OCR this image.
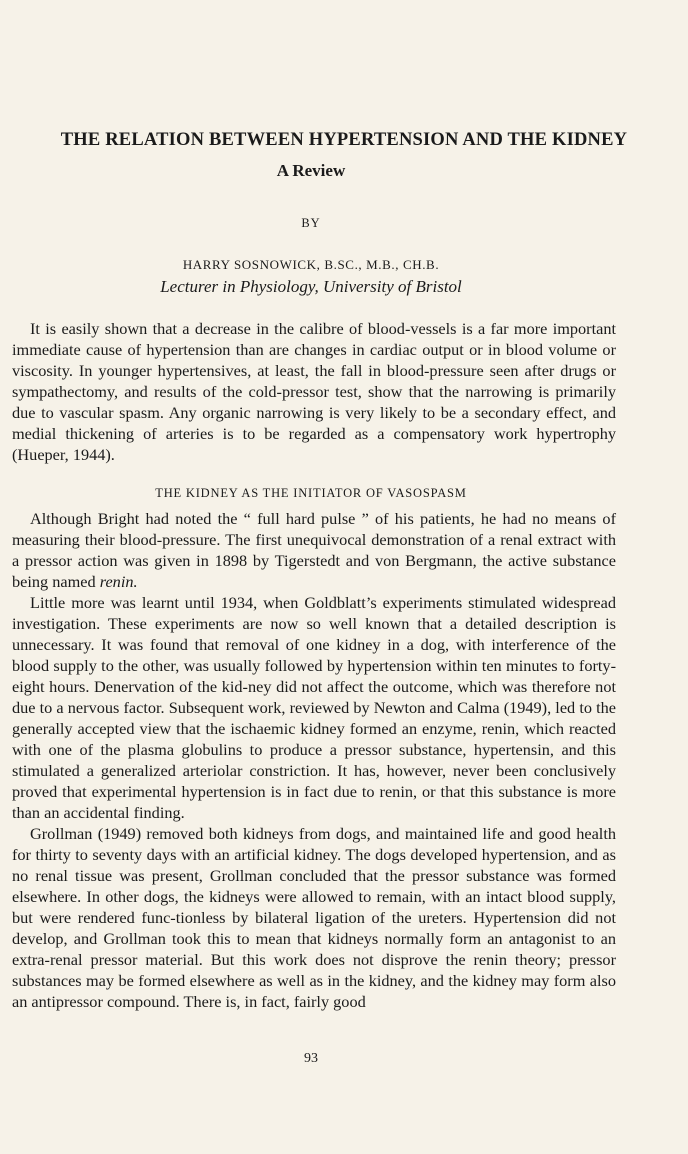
THE RELATION BETWEEN HYPERTENSION AND THE KIDNEY
A Review
BY
HARRY SOSNOWICK, B.SC., M.B., CH.B.
Lecturer in Physiology, University of Bristol

It is easily shown that a decrease in the calibre of blood-vessels is a far more important immediate cause of hypertension than are changes in cardiac output or in blood volume or viscosity. In younger hypertensives, at least, the fall in blood-pressure seen after drugs or sympathectomy, and results of the cold-pressor test, show that the narrowing is primarily due to vascular spasm. Any organic narrowing is very likely to be a secondary effect, and medial thickening of arteries is to be regarded as a compensatory work hypertrophy (Hueper, 1944).

THE KIDNEY AS THE INITIATOR OF VASOSPASM

Although Bright had noted the “ full hard pulse ” of his patients, he had no means of measuring their blood-pressure. The first unequivocal demonstration of a renal extract with a pressor action was given in 1898 by Tigerstedt and von Bergmann, the active substance being named renin.

Little more was learnt until 1934, when Goldblatt’s experiments stimulated widespread investigation. These experiments are now so well known that a detailed description is unnecessary. It was found that removal of one kidney in a dog, with interference of the blood supply to the other, was usually followed by hypertension within ten minutes to forty-eight hours. Denervation of the kid-ney did not affect the outcome, which was therefore not due to a nervous factor. Subsequent work, reviewed by Newton and Calma (1949), led to the generally accepted view that the ischaemic kidney formed an enzyme, renin, which reacted with one of the plasma globulins to produce a pressor substance, hypertensin, and this stimulated a generalized arteriolar constriction. It has, however, never been conclusively proved that experimental hypertension is in fact due to renin, or that this substance is more than an accidental finding.

Grollman (1949) removed both kidneys from dogs, and maintained life and good health for thirty to seventy days with an artificial kidney. The dogs developed hypertension, and as no renal tissue was present, Grollman concluded that the pressor substance was formed elsewhere. In other dogs, the kidneys were allowed to remain, with an intact blood supply, but were rendered func-tionless by bilateral ligation of the ureters. Hypertension did not develop, and Grollman took this to mean that kidneys normally form an antagonist to an extra-renal pressor material. But this work does not disprove the renin theory; pressor substances may be formed elsewhere as well as in the kidney, and the kidney may form also an antipressor compound. There is, in fact, fairly good

93
